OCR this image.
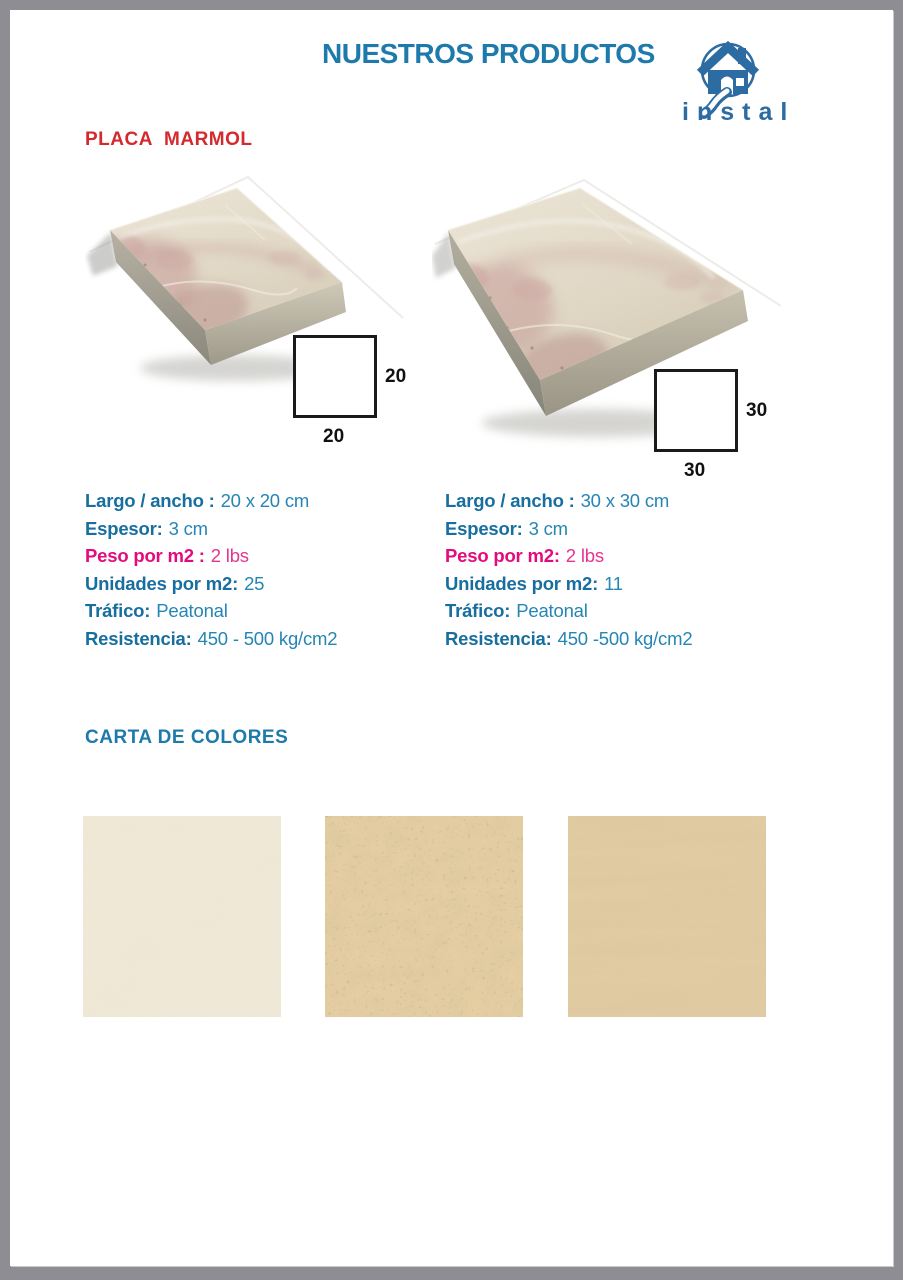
NUESTROS PRODUCTOS
instal
PLACA MARMOL
20
20
30
30
Largo / ancho : 20 x 20 cm
Espesor: 3 cm
Peso por m2 : 2 lbs
Unidades por m2: 25
Tráfico: Peatonal
Resistencia: 450 - 500 kg/cm2
Largo / ancho : 30 x 30 cm
Espesor: 3 cm
Peso por m2: 2 lbs
Unidades por m2: 11
Tráfico: Peatonal
Resistencia: 450 -500 kg/cm2
CARTA DE COLORES
